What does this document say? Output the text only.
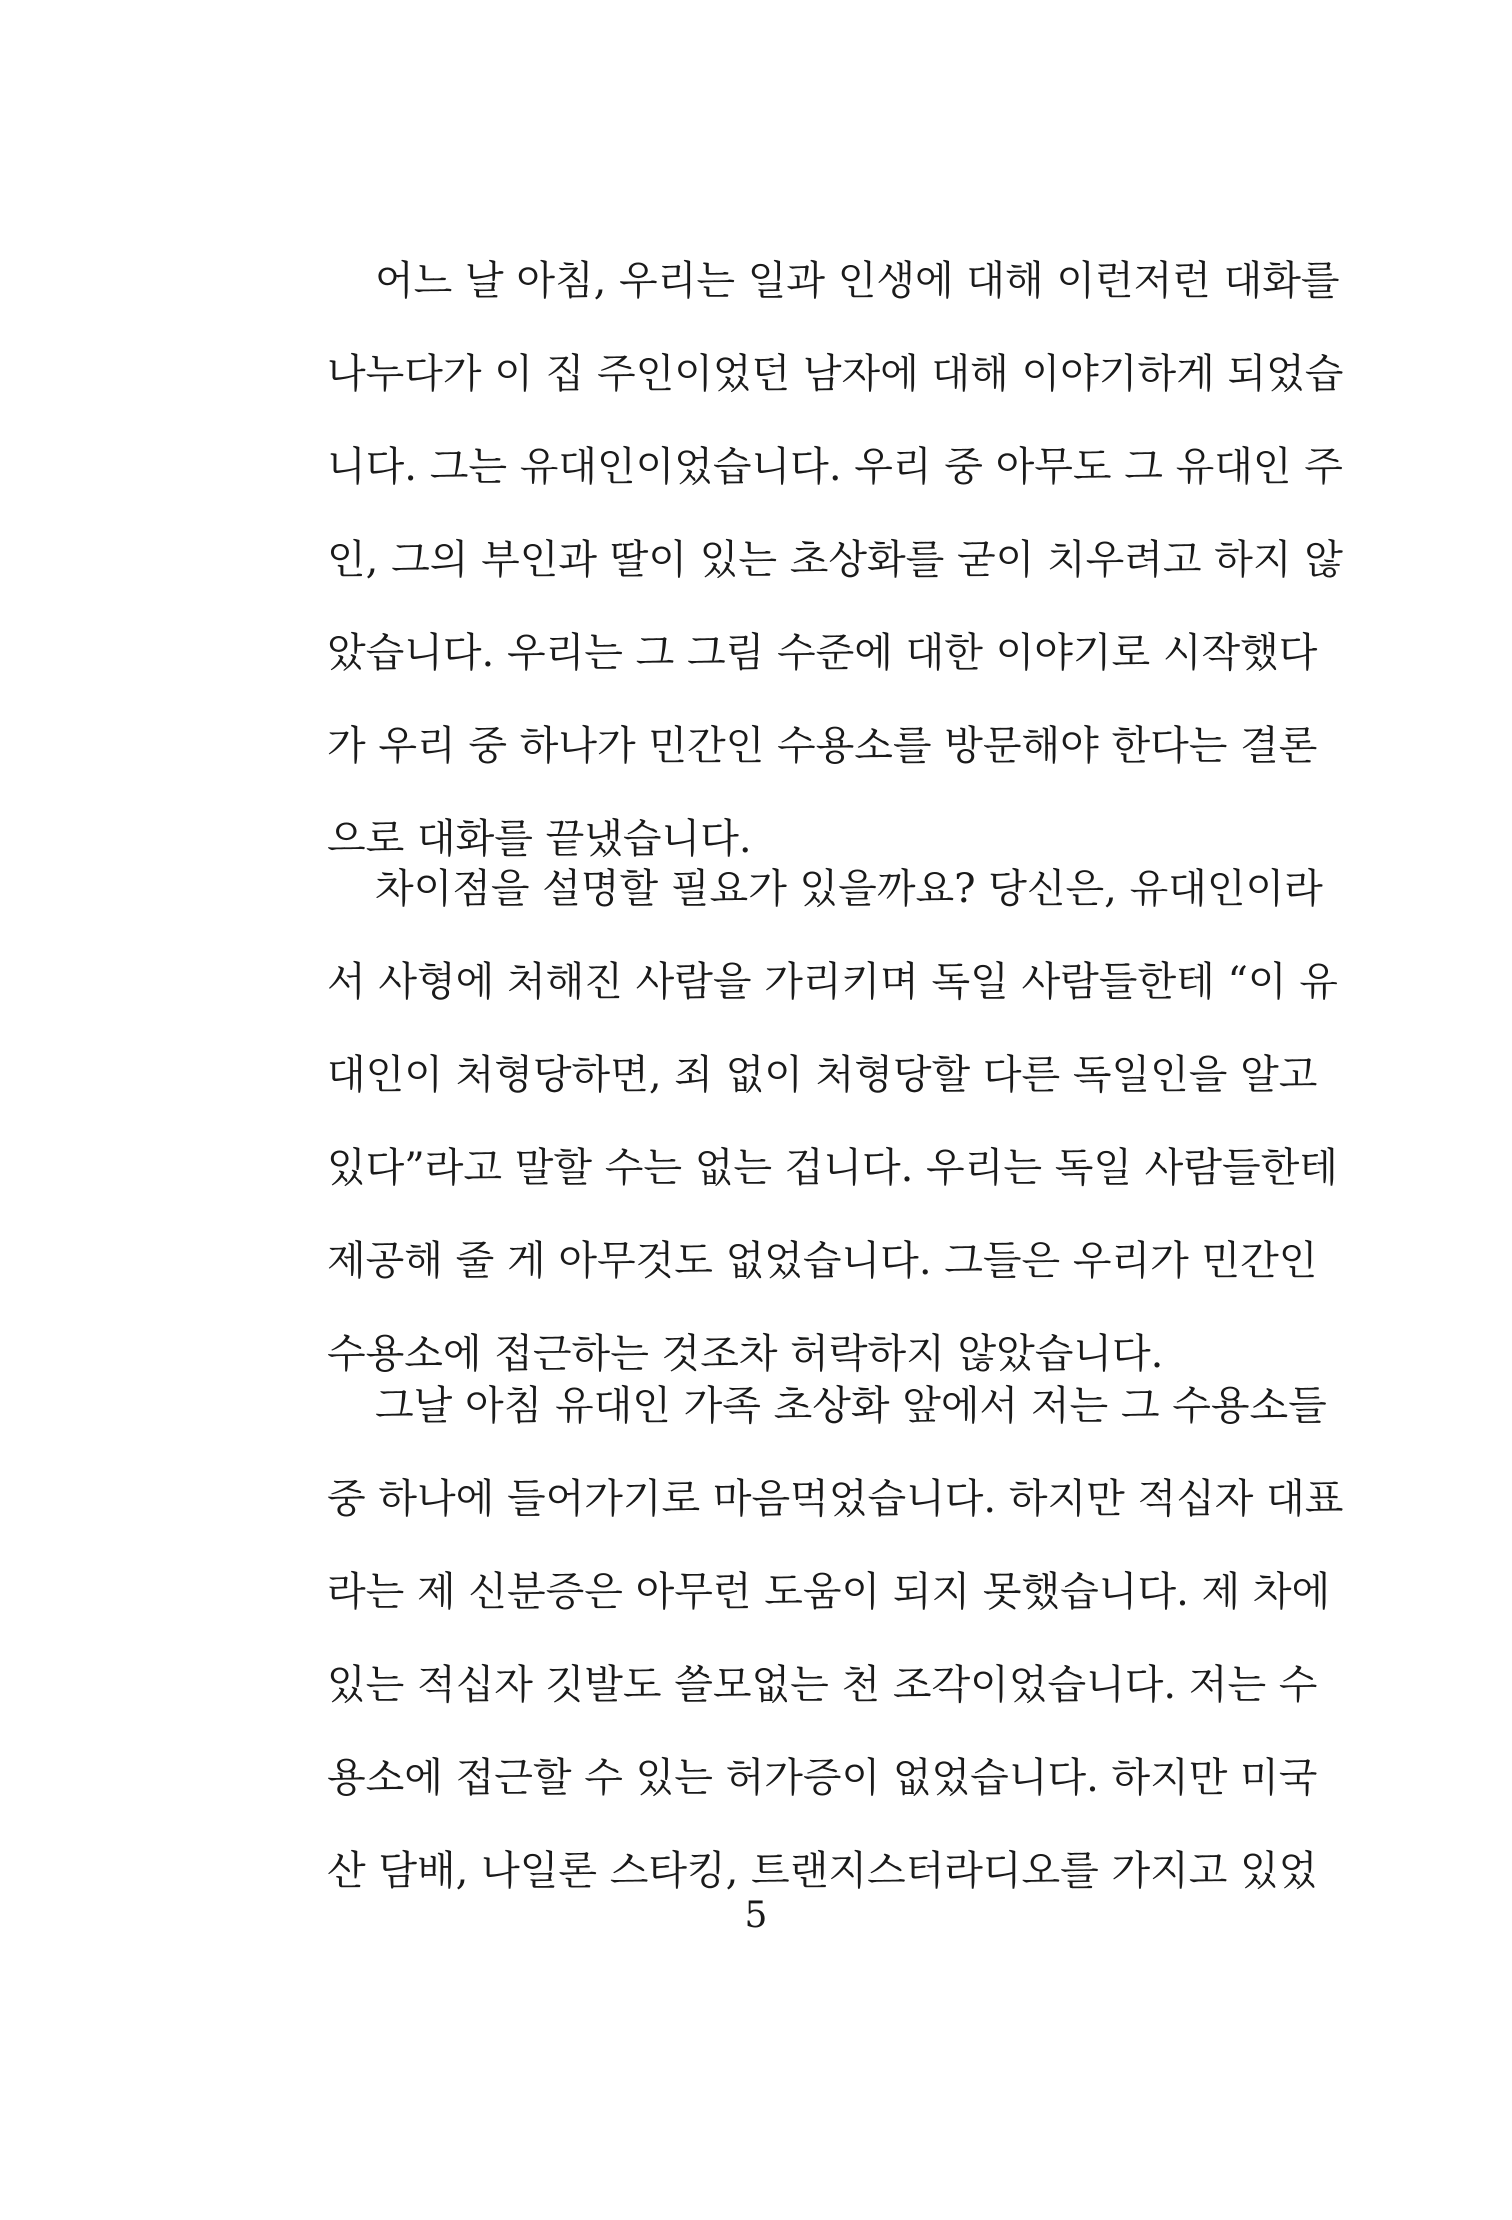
어느 날 아침, 우리는 일과 인생에 대해 이런저런 대화를
나누다가 이 집 주인이었던 남자에 대해 이야기하게 되었습
니다. 그는 유대인이었습니다. 우리 중 아무도 그 유대인 주
인, 그의 부인과 딸이 있는 초상화를 굳이 치우려고 하지 않
았습니다. 우리는 그 그림 수준에 대한 이야기로 시작했다
가 우리 중 하나가 민간인 수용소를 방문해야 한다는 결론
으로 대화를 끝냈습니다.
차이점을 설명할 필요가 있을까요? 당신은, 유대인이라
서 사형에 처해진 사람을 가리키며 독일 사람들한테 “이 유
대인이 처형당하면, 죄 없이 처형당할 다른 독일인을 알고
있다”라고 말할 수는 없는 겁니다. 우리는 독일 사람들한테
제공해 줄 게 아무것도 없었습니다. 그들은 우리가 민간인
수용소에 접근하는 것조차 허락하지 않았습니다.
그날 아침 유대인 가족 초상화 앞에서 저는 그 수용소들
중 하나에 들어가기로 마음먹었습니다. 하지만 적십자 대표
라는 제 신분증은 아무런 도움이 되지 못했습니다. 제 차에
있는 적십자 깃발도 쓸모없는 천 조각이었습니다. 저는 수
용소에 접근할 수 있는 허가증이 없었습니다. 하지만 미국
산 담배, 나일론 스타킹, 트랜지스터라디오를 가지고 있었
5
